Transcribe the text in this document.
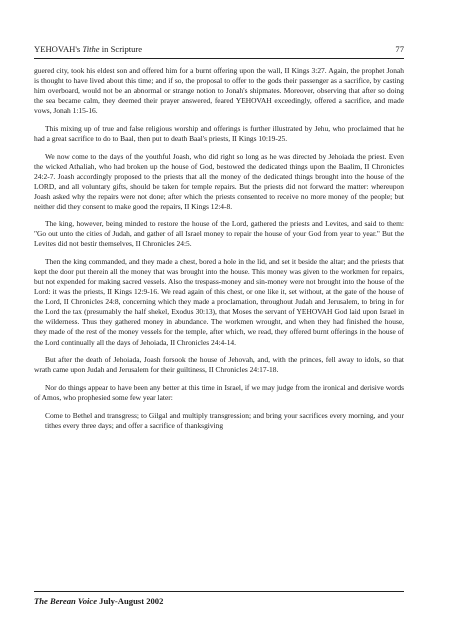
YEHOVAH's Tithe in Scripture	77

guered city, took his eldest son and offered him for a burnt offering upon the wall, II Kings 3:27. Again, the prophet Jonah is thought to have lived about this time; and if so, the proposal to offer to the gods their passenger as a sacrifice, by casting him overboard, would not be an abnormal or strange notion to Jonah's shipmates. Moreover, observing that after so doing the sea became calm, they deemed their prayer answered, feared YEHOVAH exceedingly, offered a sacrifice, and made vows, Jonah 1:15-16.

This mixing up of true and false religious worship and offerings is further illustrated by Jehu, who proclaimed that he had a great sacrifice to do to Baal, then put to death Baal's priests, II Kings 10:19-25.

We now come to the days of the youthful Joash, who did right so long as he was directed by Jehoiada the priest. Even the wicked Athaliah, who had broken up the house of God, bestowed the dedicated things upon the Baalim, II Chronicles 24:2-7. Joash accordingly proposed to the priests that all the money of the dedicated things brought into the house of the LORD, and all voluntary gifts, should be taken for temple repairs. But the priests did not forward the matter: whereupon Joash asked why the repairs were not done; after which the priests consented to receive no more money of the people; but neither did they consent to make good the repairs, II Kings 12:4-8.

The king, however, being minded to restore the house of the Lord, gathered the priests and Levites, and said to them: "Go out unto the cities of Judah, and gather of all Israel money to repair the house of your God from year to year." But the Levites did not bestir themselves, II Chronicles 24:5.

Then the king commanded, and they made a chest, bored a hole in the lid, and set it beside the altar; and the priests that kept the door put therein all the money that was brought into the house. This money was given to the workmen for repairs, but not expended for making sacred vessels. Also the trespass-money and sin-money were not brought into the house of the Lord: it was the priests, II Kings 12:9-16. We read again of this chest, or one like it, set without, at the gate of the house of the Lord, II Chronicles 24:8, concerning which they made a proclamation, throughout Judah and Jerusalem, to bring in for the Lord the tax (presumably the half shekel, Exodus 30:13), that Moses the servant of YEHOVAH God laid upon Israel in the wilderness. Thus they gathered money in abundance. The workmen wrought, and when they had finished the house, they made of the rest of the money vessels for the temple, after which, we read, they offered burnt offerings in the house of the Lord continually all the days of Jehoiada, II Chronicles 24:4-14.

But after the death of Jehoiada, Joash forsook the house of Jehovah, and, with the princes, fell away to idols, so that wrath came upon Judah and Jerusalem for their guiltiness, II Chronicles 24:17-18.

Nor do things appear to have been any better at this time in Israel, if we may judge from the ironical and derisive words of Amos, who prophesied some few year later:

Come to Bethel and transgress; to Gilgal and multiply transgression; and bring your sacrifices every morning, and your tithes every three days; and offer a sacrifice of thanksgiving

The Berean Voice July-August 2002
